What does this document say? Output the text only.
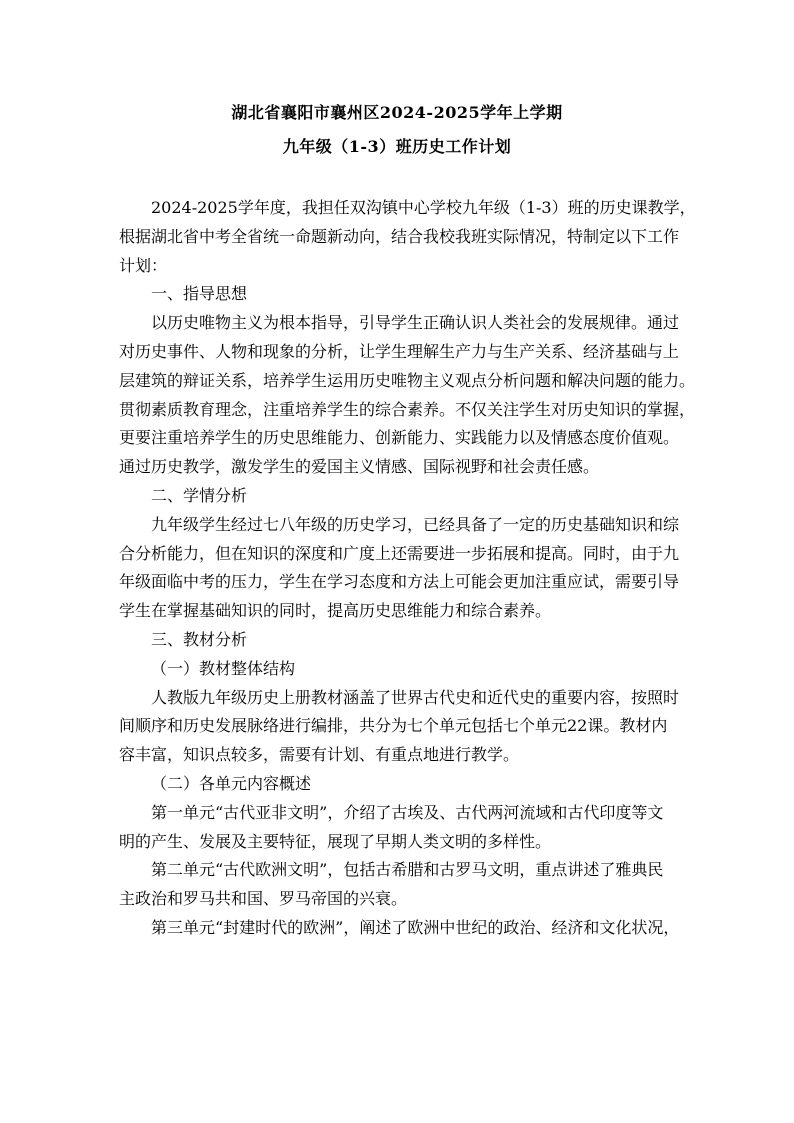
湖北省襄阳市襄州区2024-2025学年上学期
九年级（1-3）班历史工作计划
2024-2025学年度，我担任双沟镇中心学校九年级（1-3）班的历史课教学，
根据湖北省中考全省统一命题新动向，结合我校我班实际情况，特制定以下工作
计划：
一、指导思想
以历史唯物主义为根本指导，引导学生正确认识人类社会的发展规律。通过
对历史事件、人物和现象的分析，让学生理解生产力与生产关系、经济基础与上
层建筑的辩证关系，培养学生运用历史唯物主义观点分析问题和解决问题的能力。
贯彻素质教育理念，注重培养学生的综合素养。不仅关注学生对历史知识的掌握，
更要注重培养学生的历史思维能力、创新能力、实践能力以及情感态度价值观。
通过历史教学，激发学生的爱国主义情感、国际视野和社会责任感。
二、学情分析
九年级学生经过七八年级的历史学习，已经具备了一定的历史基础知识和综
合分析能力，但在知识的深度和广度上还需要进一步拓展和提高。同时，由于九
年级面临中考的压力，学生在学习态度和方法上可能会更加注重应试，需要引导
学生在掌握基础知识的同时，提高历史思维能力和综合素养。
三、教材分析
（一）教材整体结构
人教版九年级历史上册教材涵盖了世界古代史和近代史的重要内容，按照时
间顺序和历史发展脉络进行编排，共分为七个单元包括七个单元22课。教材内
容丰富，知识点较多，需要有计划、有重点地进行教学。
（二）各单元内容概述
第一单元“古代亚非文明”，介绍了古埃及、古代两河流域和古代印度等文
明的产生、发展及主要特征，展现了早期人类文明的多样性。
第二单元“古代欧洲文明”，包括古希腊和古罗马文明，重点讲述了雅典民
主政治和罗马共和国、罗马帝国的兴衰。
第三单元“封建时代的欧洲”，阐述了欧洲中世纪的政治、经济和文化状况，
